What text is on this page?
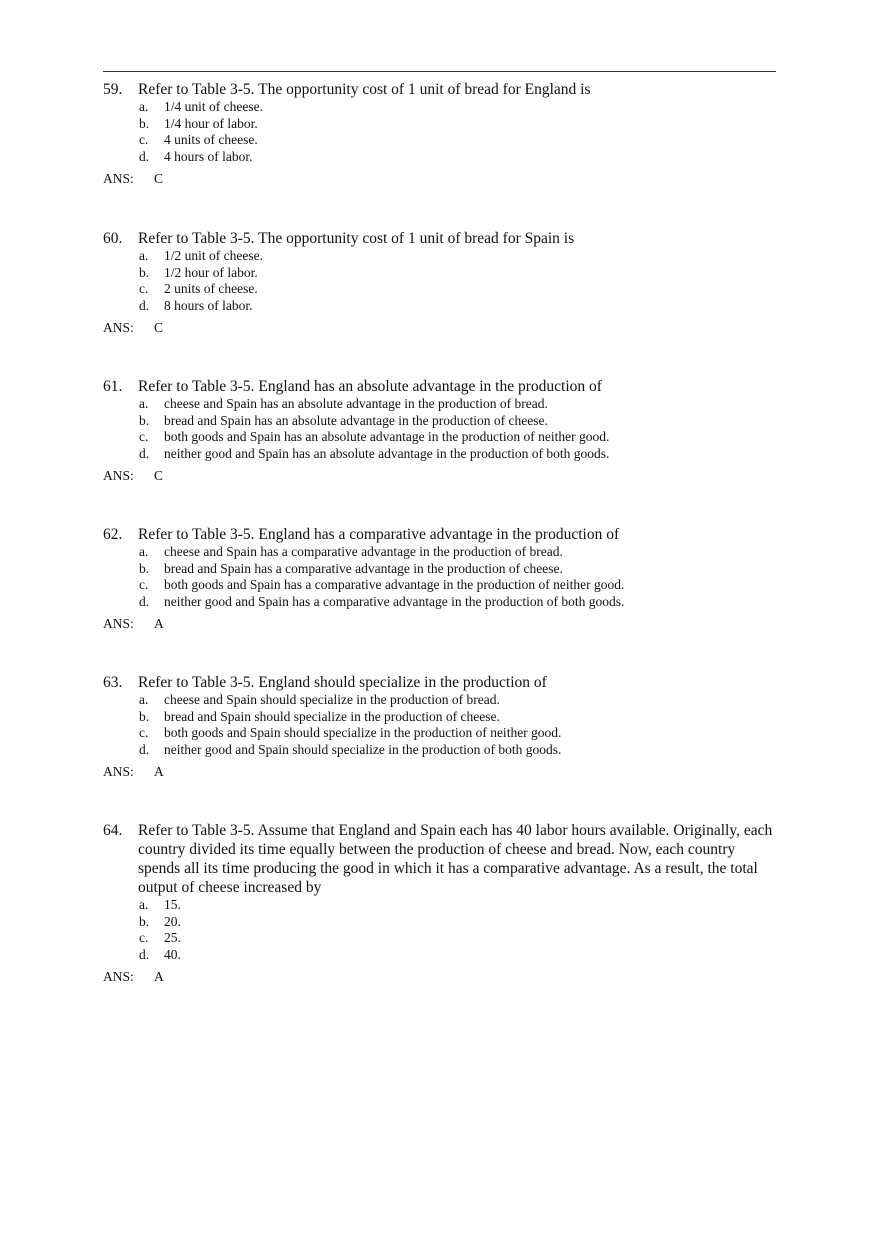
59. Refer to Table 3-5. The opportunity cost of 1 unit of bread for England is
a. 1/4 unit of cheese.
b. 1/4 hour of labor.
c. 4 units of cheese.
d. 4 hours of labor.
ANS: C
60. Refer to Table 3-5. The opportunity cost of 1 unit of bread for Spain is
a. 1/2 unit of cheese.
b. 1/2 hour of labor.
c. 2 units of cheese.
d. 8 hours of labor.
ANS: C
61. Refer to Table 3-5. England has an absolute advantage in the production of
a. cheese and Spain has an absolute advantage in the production of bread.
b. bread and Spain has an absolute advantage in the production of cheese.
c. both goods and Spain has an absolute advantage in the production of neither good.
d. neither good and Spain has an absolute advantage in the production of both goods.
ANS: C
62. Refer to Table 3-5. England has a comparative advantage in the production of
a. cheese and Spain has a comparative advantage in the production of bread.
b. bread and Spain has a comparative advantage in the production of cheese.
c. both goods and Spain has a comparative advantage in the production of neither good.
d. neither good and Spain has a comparative advantage in the production of both goods.
ANS: A
63. Refer to Table 3-5. England should specialize in the production of
a. cheese and Spain should specialize in the production of bread.
b. bread and Spain should specialize in the production of cheese.
c. both goods and Spain should specialize in the production of neither good.
d. neither good and Spain should specialize in the production of both goods.
ANS: A
64. Refer to Table 3-5. Assume that England and Spain each has 40 labor hours available. Originally, each country divided its time equally between the production of cheese and bread. Now, each country spends all its time producing the good in which it has a comparative advantage. As a result, the total output of cheese increased by
a. 15.
b. 20.
c. 25.
d. 40.
ANS: A
